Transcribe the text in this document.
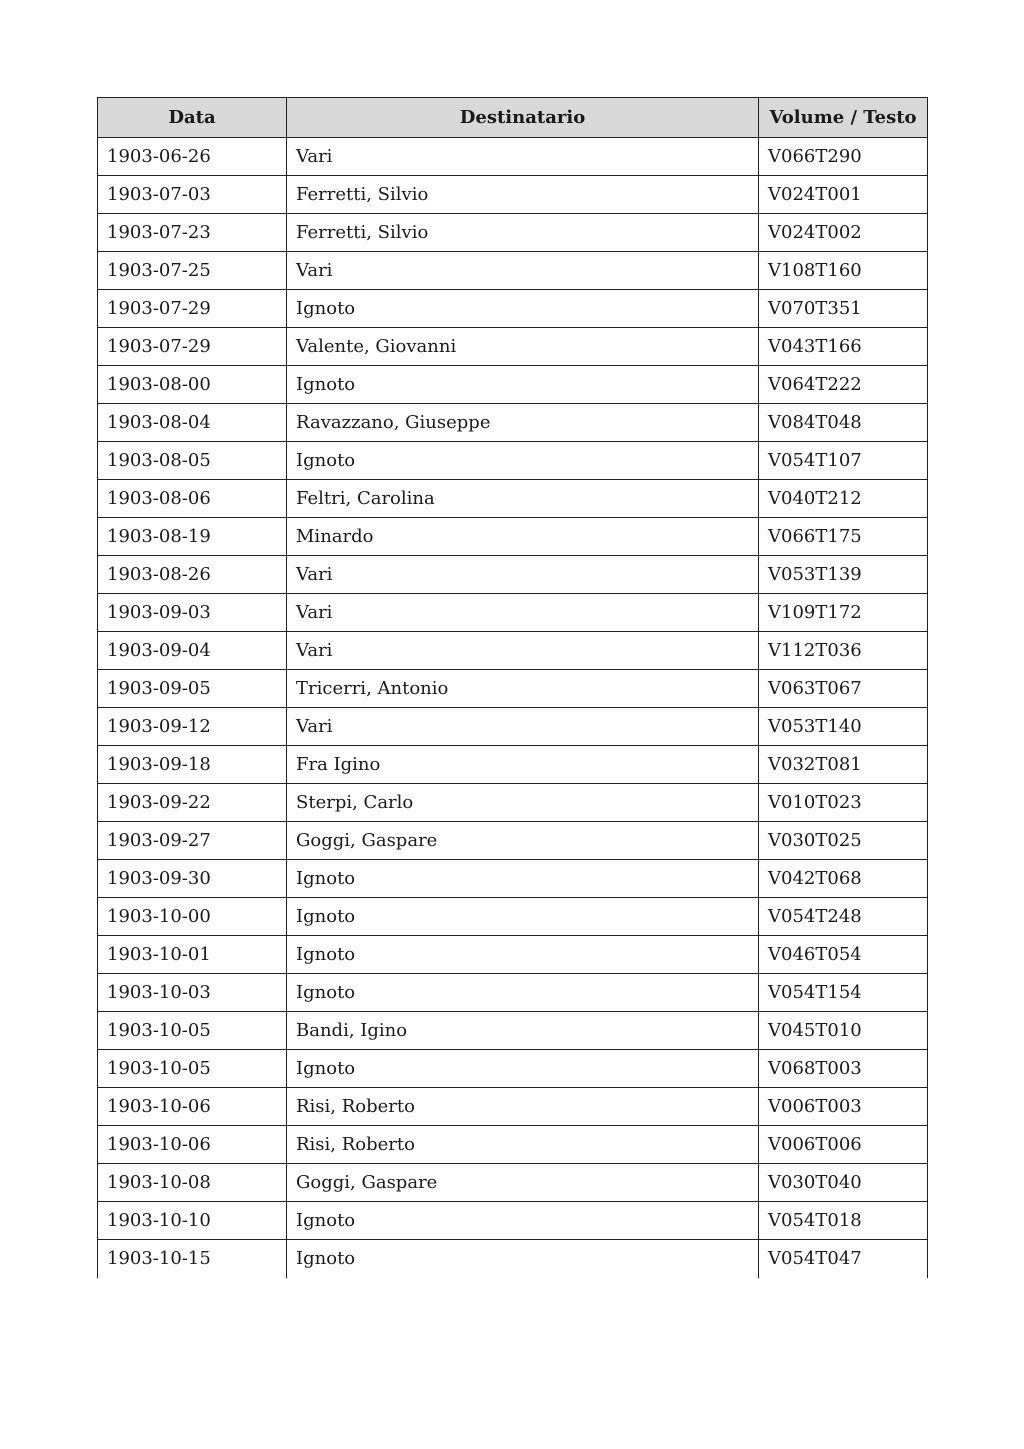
Data	Destinatario	Volume / Testo
1903-06-26	Vari	V066T290
1903-07-03	Ferretti, Silvio	V024T001
1903-07-23	Ferretti, Silvio	V024T002
1903-07-25	Vari	V108T160
1903-07-29	Ignoto	V070T351
1903-07-29	Valente, Giovanni	V043T166
1903-08-00	Ignoto	V064T222
1903-08-04	Ravazzano, Giuseppe	V084T048
1903-08-05	Ignoto	V054T107
1903-08-06	Feltri, Carolina	V040T212
1903-08-19	Minardo	V066T175
1903-08-26	Vari	V053T139
1903-09-03	Vari	V109T172
1903-09-04	Vari	V112T036
1903-09-05	Tricerri, Antonio	V063T067
1903-09-12	Vari	V053T140
1903-09-18	Fra Igino	V032T081
1903-09-22	Sterpi, Carlo	V010T023
1903-09-27	Goggi, Gaspare	V030T025
1903-09-30	Ignoto	V042T068
1903-10-00	Ignoto	V054T248
1903-10-01	Ignoto	V046T054
1903-10-03	Ignoto	V054T154
1903-10-05	Bandi, Igino	V045T010
1903-10-05	Ignoto	V068T003
1903-10-06	Risi, Roberto	V006T003
1903-10-06	Risi, Roberto	V006T006
1903-10-08	Goggi, Gaspare	V030T040
1903-10-10	Ignoto	V054T018
1903-10-15	Ignoto	V054T047
